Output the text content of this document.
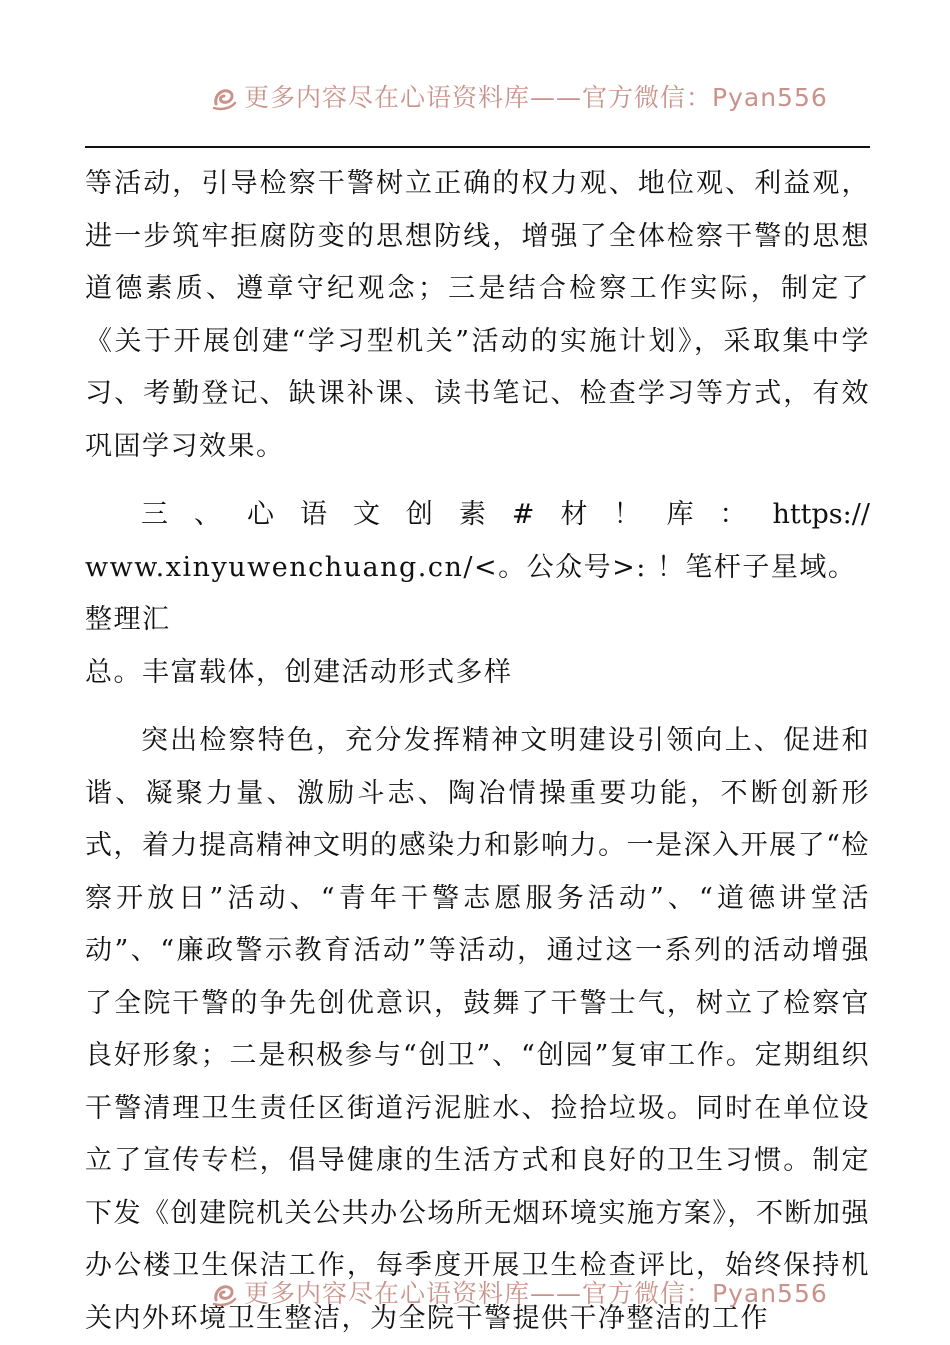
更多内容尽在心语资料库——官方微信：Pyan556

等活动，引导检察干警树立正确的权力观、地位观、利益观，进一步筑牢拒腐防变的思想防线，增强了全体检察干警的思想道德素质、遵章守纪观念；三是结合检察工作实际，制定了《关于开展创建“学习型机关”活动的实施计划》，采取集中学习、考勤登记、缺课补课、读书笔记、检查学习等方式，有效巩固学习效果。

三 、 心 语 文 创 素 # 材 ！ 库 ： https://
www.xinyuwenchuang.cn/<。公众号>: ！笔杆子星域。整理汇
总。丰富载体，创建活动形式多样

突出检察特色，充分发挥精神文明建设引领向上、促进和谐、凝聚力量、激励斗志、陶冶情操重要功能，不断创新形式，着力提高精神文明的感染力和影响力。一是深入开展了“检察开放日”活动、“青年干警志愿服务活动”、“道德讲堂活动”、“廉政警示教育活动”等活动，通过这一系列的活动增强了全院干警的争先创优意识，鼓舞了干警士气，树立了检察官良好形象；二是积极参与“创卫”、“创园”复审工作。定期组织干警清理卫生责任区街道污泥脏水、捡拾垃圾。同时在单位设立了宣传专栏，倡导健康的生活方式和良好的卫生习惯。制定下发《创建院机关公共办公场所无烟环境实施方案》，不断加强办公楼卫生保洁工作，每季度开展卫生检查评比，始终保持机关内外环境卫生整洁，为全院干警提供干净整洁的工作

更多内容尽在心语资料库——官方微信：Pyan556
